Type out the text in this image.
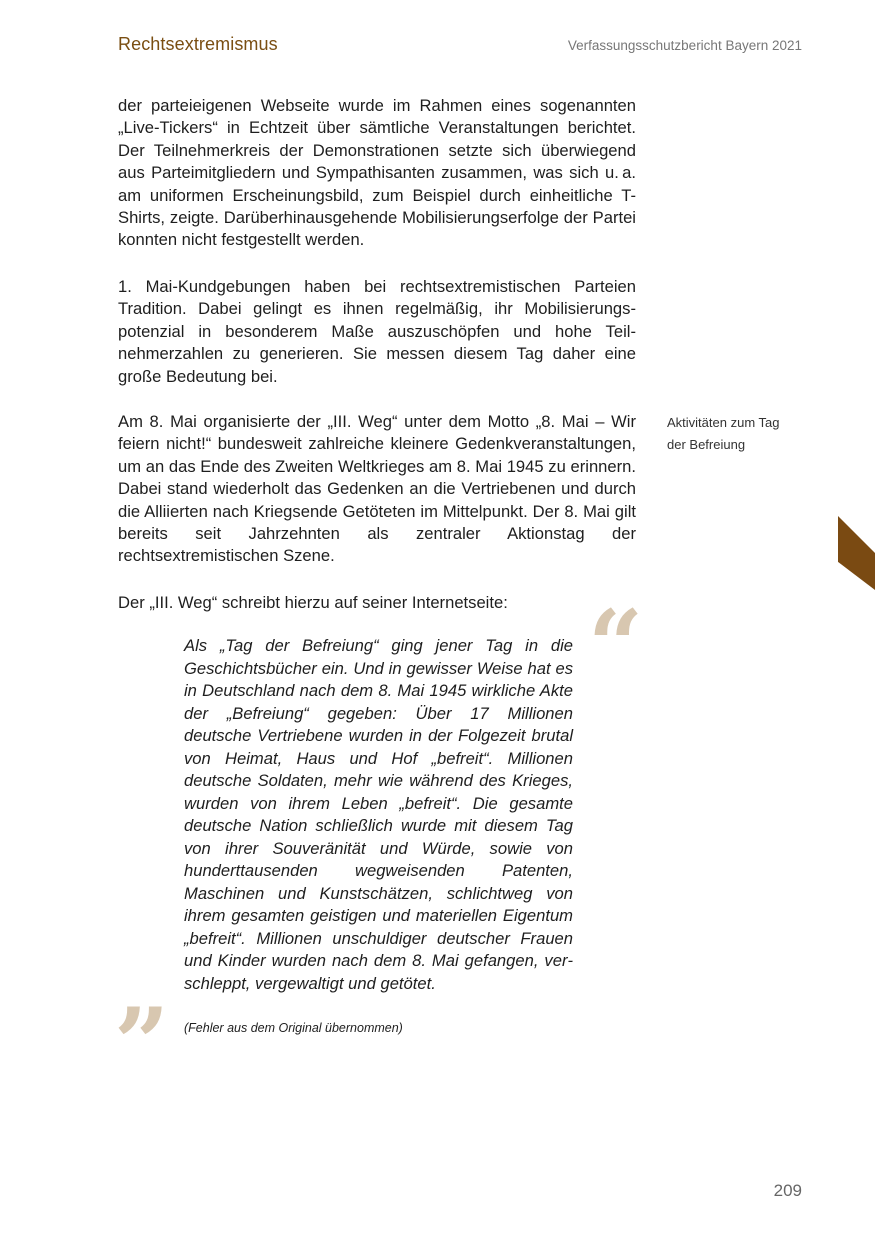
Rechtsextremismus	Verfassungsschutzbericht Bayern 2021

der parteieigenen Webseite wurde im Rahmen eines sogenannten „Live-Tickers“ in Echtzeit über sämtliche Veranstaltungen berichtet. Der Teilnehmerkreis der Demonstrationen setzte sich überwiegend aus Parteimitgliedern und Sympathisanten zusammen, was sich u. a. am uniformen Erscheinungsbild, zum Beispiel durch einheitliche T-Shirts, zeigte. Darüberhinausgehende Mobilisierungserfolge der Partei konnten nicht festgestellt werden.

1. Mai-Kundgebungen haben bei rechtsextremistischen Parteien Tradition. Dabei gelingt es ihnen regelmäßig, ihr Mobilisierungspotenzial in besonderem Maße auszuschöpfen und hohe Teilnehmerzahlen zu generieren. Sie messen diesem Tag daher eine große Bedeutung bei.

Am 8. Mai organisierte der „III. Weg“ unter dem Motto „8. Mai – Wir feiern nicht!“ bundesweit zahlreiche kleinere Gedenkveranstaltungen, um an das Ende des Zweiten Weltkrieges am 8. Mai 1945 zu erinnern. Dabei stand wiederholt das Gedenken an die Vertriebenen und durch die Alliierten nach Kriegsende Getöteten im Mittelpunkt. Der 8. Mai gilt bereits seit Jahrzehnten als zentraler Aktionstag der rechtsextremistischen Szene.

Der „III. Weg“ schreibt hierzu auf seiner Internetseite:

Aktivitäten zum Tag der Befreiung
“
Als „Tag der Befreiung“ ging jener Tag in die Geschichtsbücher ein. Und in gewisser Weise hat es in Deutschland nach dem 8. Mai 1945 wirkliche Akte der „Befreiung“ gegeben: Über 17 Millionen deutsche Vertriebene wurden in der Folgezeit brutal von Heimat, Haus und Hof „befreit“. Millionen deutsche Soldaten, mehr wie während des Krieges, wurden von ihrem Leben „befreit“. Die gesamte deutsche Nation schließlich wurde mit diesem Tag von ihrer Souveränität und Würde, sowie von hunderttausenden wegweisenden Patenten, Maschinen und Kunstschätzen, schlichtweg von ihrem gesamten geistigen und materiellen Eigentum „befreit“. Millionen unschuldiger deutscher Frauen und Kinder wurden nach dem 8. Mai gefangen, verschleppt, vergewaltigt und getötet.
(Fehler aus dem Original übernommen)
”
209
